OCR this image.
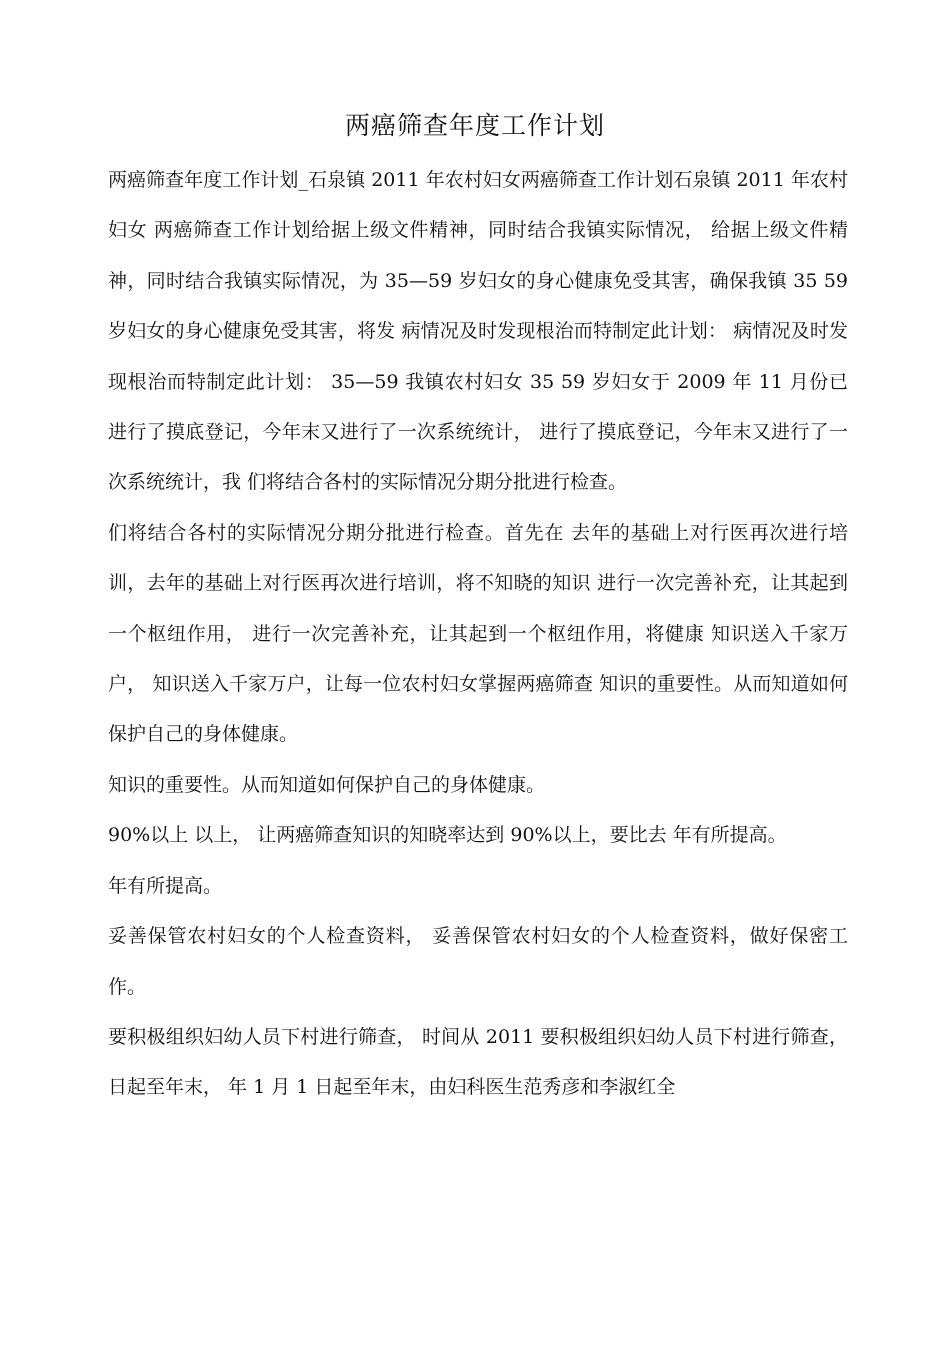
两癌筛查年度工作计划

两癌筛查年度工作计划_石泉镇 2011 年农村妇女两癌筛查工作计划石泉镇 2011 年农村妇女 两癌筛查工作计划给据上级文件精神，同时结合我镇实际情况， 给据上级文件精神，同时结合我镇实际情况，为 35—59 岁妇女的身心健康免受其害，确保我镇 35 59 岁妇女的身心健康免受其害，将发 病情况及时发现根治而特制定此计划： 病情况及时发现根治而特制定此计划： 35—59 我镇农村妇女 35 59 岁妇女于 2009 年 11 月份已 进行了摸底登记，今年末又进行了一次系统统计， 进行了摸底登记，今年末又进行了一次系统统计，我 们将结合各村的实际情况分期分批进行检查。

们将结合各村的实际情况分期分批进行检查。首先在 去年的基础上对行医再次进行培训，去年的基础上对行医再次进行培训，将不知晓的知识 进行一次完善补充，让其起到一个枢纽作用， 进行一次完善补充，让其起到一个枢纽作用，将健康 知识送入千家万户， 知识送入千家万户，让每一位农村妇女掌握两癌筛查 知识的重要性。从而知道如何保护自己的身体健康。

知识的重要性。从而知道如何保护自己的身体健康。

90%以上 以上， 让两癌筛查知识的知晓率达到 90%以上，要比去 年有所提高。

年有所提高。

妥善保管农村妇女的个人检查资料， 妥善保管农村妇女的个人检查资料，做好保密工 作。

要积极组织妇幼人员下村进行筛查， 时间从 2011 要积极组织妇幼人员下村进行筛查， 日起至年末， 年 1 月 1 日起至年末，由妇科医生范秀彦和李淑红全
